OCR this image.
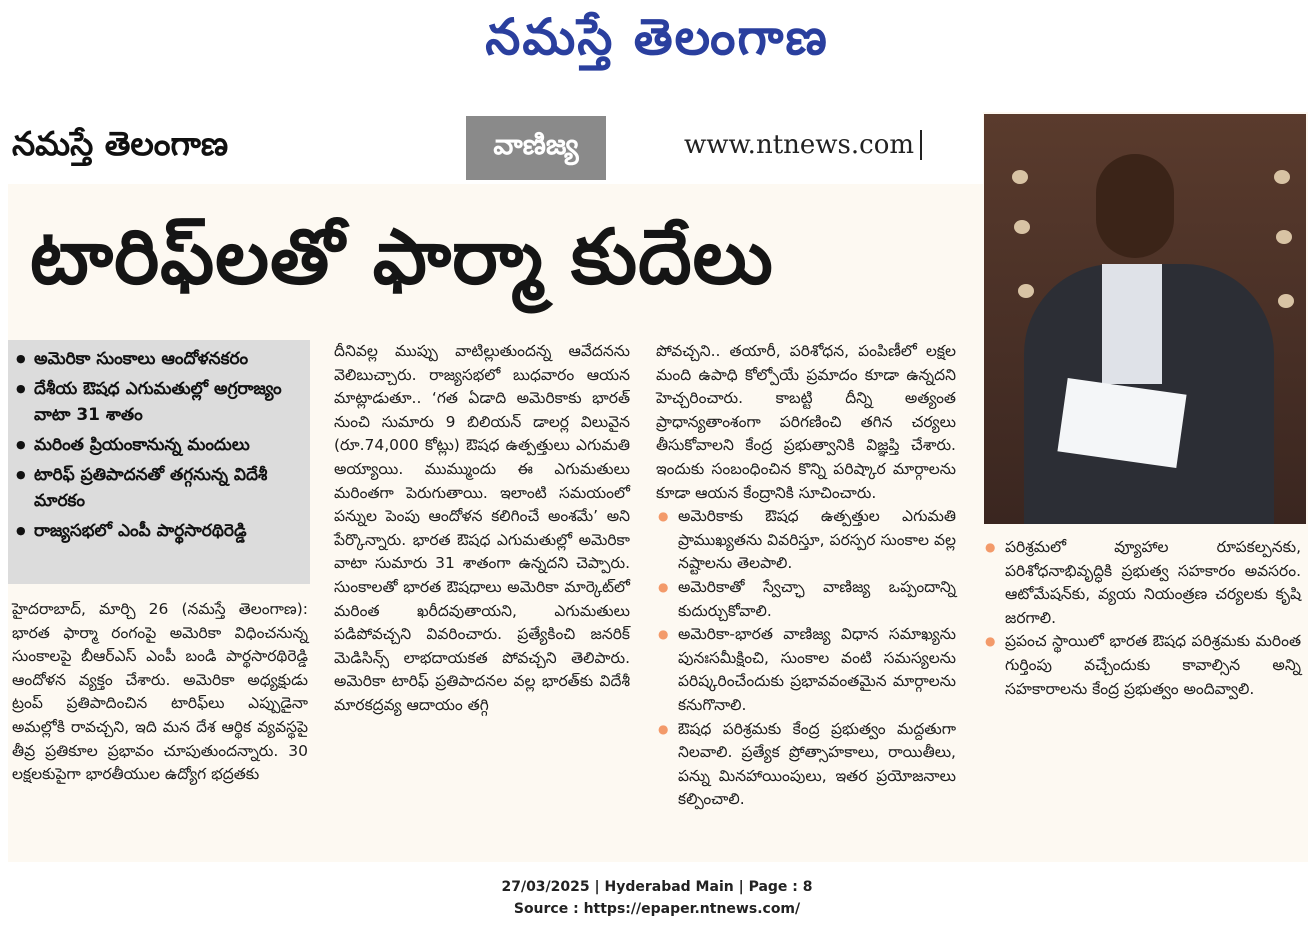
నమస్తే తెలంగాణ
నమస్తే తెలంగాణ	వాణిజ్య	www.ntnews.com
టారిఫ్‌లతో ఫార్మా కుదేలు
● అమెరికా సుంకాలు ఆందోళనకరం
● దేశీయ ఔషధ ఎగుమతుల్లో అగ్రరాజ్యం వాటా 31 శాతం
● మరింత ప్రియంకానున్న మందులు
● టారిఫ్ ప్రతిపాదనతో తగ్గనున్న విదేశీ మారకం
● రాజ్యసభలో ఎంపీ పార్థసారథిరెడ్డి

హైదరాబాద్, మార్చి 26 (నమస్తే తెలంగాణ): భారత ఫార్మా రంగంపై అమెరికా విధించనున్న సుంకాలపై బీఆర్‌ఎస్ ఎంపీ బండి పార్థసారథిరెడ్డి ఆందోళన వ్యక్తం చేశారు. అమెరికా అధ్యక్షుడు ట్రంప్ ప్రతిపాదించిన టారిఫ్‌లు ఎప్పుడైనా అమల్లోకి రావచ్చని, ఇది మన దేశ ఆర్థిక వ్యవస్థపై తీవ్ర ప్రతికూల ప్రభావం చూపుతుందన్నారు. 30 లక్షలకుపైగా భారతీయుల ఉద్యోగ భద్రతకు

దీనివల్ల ముప్పు వాటిల్లుతుందన్న ఆవేదనను వెలిబుచ్చారు. రాజ్యసభలో బుధవారం ఆయన మాట్లాడుతూ.. ‘గత ఏడాది అమెరికాకు భారత్ నుంచి సుమారు 9 బిలియన్ డాలర్ల విలువైన (రూ.74,000 కోట్లు) ఔషధ ఉత్పత్తులు ఎగుమతి అయ్యాయి. ముమ్ముందు ఈ ఎగుమతులు మరింతగా పెరుగుతాయి. ఇలాంటి సమయంలో పన్నుల పెంపు ఆందోళన కలిగించే అంశమే’ అని పేర్కొన్నారు. భారత ఔషధ ఎగుమతుల్లో అమెరికా వాటా సుమారు 31 శాతంగా ఉన్నదని చెప్పారు. సుంకాలతో భారత ఔషధాలు అమెరికా మార్కెట్‌లో మరింత ఖరీదవుతాయని, ఎగుమతులు పడిపోవచ్చని వివరించారు. ప్రత్యేకించి జనరిక్ మెడిసిన్స్ లాభదాయకత పోవచ్చని తెలిపారు. అమెరికా టారిఫ్ ప్రతిపాదనల వల్ల భారత్‌కు విదేశీ మారకద్రవ్య ఆదాయం తగ్గి

పోవచ్చని.. తయారీ, పరిశోధన, పంపిణీలో లక్షల మంది ఉపాధి కోల్పోయే ప్రమాదం కూడా ఉన్నదని హెచ్చరించారు. కాబట్టి దీన్ని అత్యంత ప్రాధాన్యతాంశంగా పరిగణించి తగిన చర్యలు తీసుకోవాలని కేంద్ర ప్రభుత్వానికి విజ్ఞప్తి చేశారు. ఇందుకు సంబంధించిన కొన్ని పరిష్కార మార్గాలను కూడా ఆయన కేంద్రానికి సూచించారు.

● అమెరికాకు ఔషధ ఉత్పత్తుల ఎగుమతి ప్రాముఖ్యతను వివరిస్తూ, పరస్పర సుంకాల వల్ల నష్టాలను తెలపాలి.

● అమెరికాతో స్వేచ్ఛా వాణిజ్య ఒప్పందాన్ని కుదుర్చుకోవాలి.

● అమెరికా-భారత వాణిజ్య విధాన సమాఖ్యను పునఃసమీక్షించి, సుంకాల వంటి సమస్యలను పరిష్కరించేందుకు ప్రభావవంతమైన మార్గాలను కనుగొనాలి.

● ఔషధ పరిశ్రమకు కేంద్ర ప్రభుత్వం మద్దతుగా నిలవాలి. ప్రత్యేక ప్రోత్సాహకాలు, రాయితీలు, పన్ను మినహాయింపులు, ఇతర ప్రయోజనాలు కల్పించాలి.

● పరిశ్రమలో వ్యూహాల రూపకల్పనకు, పరిశోధనాభివృద్ధికి ప్రభుత్వ సహకారం అవసరం. ఆటోమేషన్‌కు, వ్యయ నియంత్రణ చర్యలకు కృషి జరగాలి.

● ప్రపంచ స్థాయిలో భారత ఔషధ పరిశ్రమకు మరింత గుర్తింపు వచ్చేందుకు కావాల్సిన అన్ని సహకారాలను కేంద్ర ప్రభుత్వం అందివ్వాలి.

27/03/2025 | Hyderabad Main | Page : 8
Source : https://epaper.ntnews.com/
